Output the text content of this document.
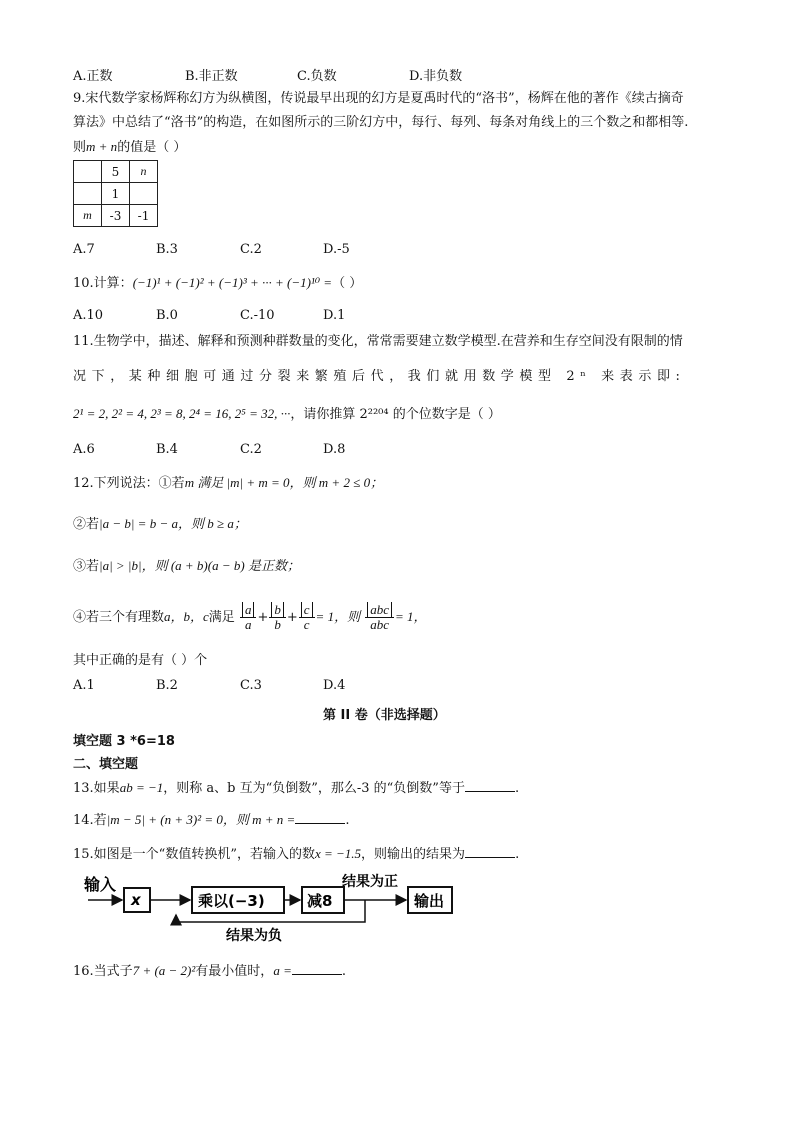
A.正数	B.非正数	C.负数	D.非负数
9.宋代数学家杨辉称幻方为纵横图，传说最早出现的幻方是夏禹时代的“洛书”，杨辉在他的著作《续古摘奇
算法》中总结了“洛书”的构造，在如图所示的三阶幻方中，每行、每列、每条对角线上的三个数之和都相等.
则m + n的值是（ ）
	5	n
	1	
m	-3	-1
A.7	B.3	C.2	D.-5
10.计算：(−1)¹ + (−1)² + (−1)³ + ··· + (−1)¹⁰ =（ ）
A.10	B.0	C.-10	D.1
11.生物学中，描述、解释和预测种群数量的变化，常常需要建立数学模型.在营养和生存空间没有限制的情
况下，某种细胞可通过分裂来繁殖后代，我们就用数学模型 2ⁿ 来表示即:
2¹ = 2, 2² = 4, 2³ = 8, 2⁴ = 16, 2⁵ = 32, ···，请你推算 2²²⁰⁴ 的个位数字是（ ）
A.6	B.4	C.2	D.8
12.下列说法：①若m 满足 |m| + m = 0，则 m + 2 ≤ 0；
②若|a − b| = b − a，则 b ≥ a；
③若|a| > |b|，则 (a + b)(a − b) 是正数；
④若三个有理数a，b，c满足 $\frac{a}{a} + \frac{b}{b} + \frac{c}{c} = 1$，则 $\frac{\text{abc}}{\text{abc}} = 1$，
其中正确的是有（ ）个
A.1	B.2	C.3	D.4
第 II 卷（非选择题）
填空题 3 *6=18
二、填空题
13.如果ab = −1，则称 a、b 互为“负倒数”，那么-3 的“负倒数”等于	.
14.若|m − 5| + (n + 3)² = 0，则 m + n =	.
15.如图是一个“数值转换机”，若输入的数x = −1.5，则输出的结果为	.
输入
x	乘以(−3)	减8
结果为正
输出
结果为负
16.当式子7 + (a − 2)²有最小值时，a =	.
